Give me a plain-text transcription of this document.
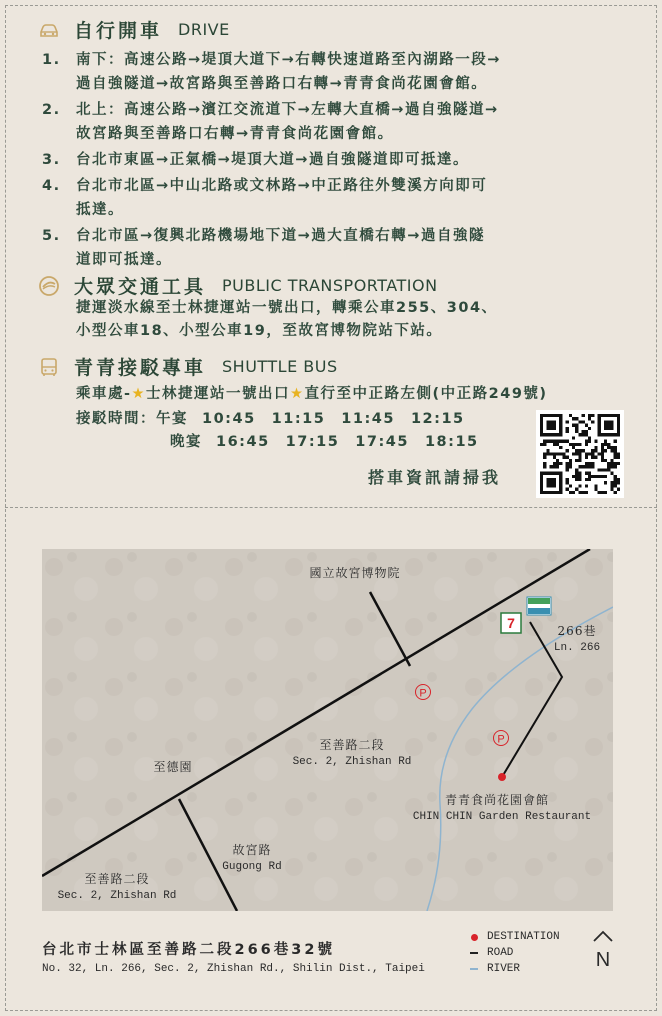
自行開車 DRIVE
1.	南下：高速公路→堤頂大道下→右轉快速道路至內湖路一段→
過自強隧道→故宮路與至善路口右轉→青青食尚花園會館。
2.	北上：高速公路→濱江交流道下→左轉大直橋→過自強隧道→
故宮路與至善路口右轉→青青食尚花園會館。
3.	台北市東區→正氣橋→堤頂大道→過自強隧道即可抵達。
4.	台北市北區→中山北路或文林路→中正路往外雙溪方向即可
抵達。
5.	台北市區→復興北路機場地下道→過大直橋右轉→過自強隧
道即可抵達。
大眾交通工具 PUBLIC TRANSPORTATION
捷運淡水線至士林捷運站一號出口，轉乘公車255、304、
小型公車18、小型公車19，至故宮博物院站下站。
青青接駁專車 SHUTTLE BUS
乘車處-★士林捷運站一號出口★直行至中正路左側(中正路249號)
接駁時間：午宴 10:45　11:15　11:45　12:15
晚宴 16:45　17:15　17:45　18:15
搭車資訊請掃我
P
P
7
國立故宮博物院
266巷
Ln. 266
至善路二段
Sec. 2, Zhishan Rd
至德園
青青食尚花園會館
CHIN CHIN Garden Restaurant
故宮路
Gugong Rd
至善路二段
Sec. 2, Zhishan Rd
台北市士林區至善路二段266巷32號
No. 32, Ln. 266, Sec. 2, Zhishan Rd., Shilin Dist., Taipei
DESTINATION
ROAD
RIVER	N
